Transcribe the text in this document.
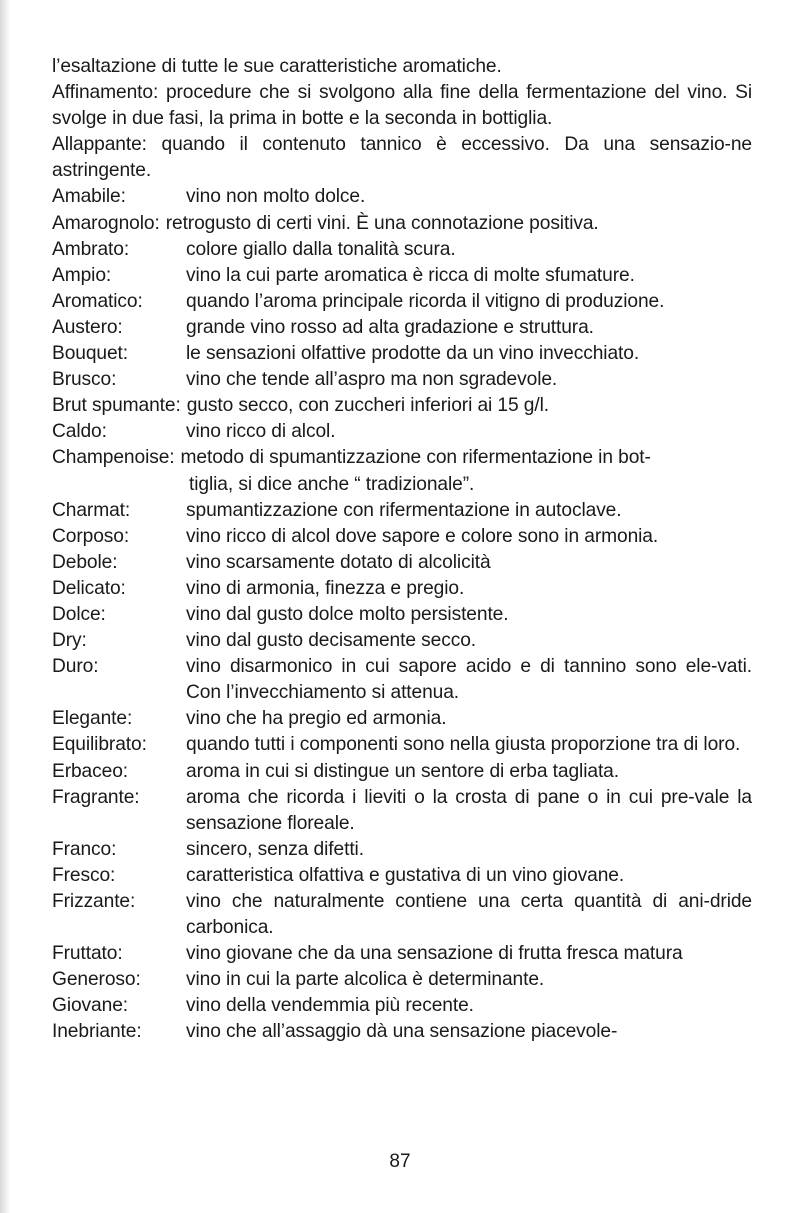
l’esaltazione di tutte le sue caratteristiche aromatiche.

Affinamento: procedure che si svolgono alla fine della fermentazione del vino. Si svolge in due fasi, la prima in botte e la seconda in bottiglia.

Allappante: quando il contenuto tannico è eccessivo. Da una sensazio-ne astringente.

Amabile:	vino non molto dolce.
Amarognolo: retrogusto di certi vini. È una connotazione positiva.
Ambrato:	colore giallo dalla tonalità scura.
Ampio:	vino la cui parte aromatica è ricca di molte sfumature.
Aromatico:	quando l’aroma principale ricorda il vitigno di produzione.
Austero:	grande vino rosso ad alta gradazione e struttura.
Bouquet:	le sensazioni olfattive prodotte da un vino invecchiato.
Brusco:	vino che tende all’aspro ma non sgradevole.
Brut spumante: gusto secco, con zuccheri inferiori ai 15 g/l.
Caldo:	vino ricco di alcol.
Champenoise: metodo di spumantizzazione con rifermentazione in bot-
tiglia, si dice anche “ tradizionale”.
Charmat:	spumantizzazione con rifermentazione in autoclave.
Corposo:	vino ricco di alcol dove sapore e colore sono in armonia.
Debole:	vino scarsamente dotato di alcolicità
Delicato:	vino di armonia, finezza e pregio.
Dolce:	vino dal gusto dolce molto persistente.
Dry:	vino dal gusto decisamente secco.
Duro:	vino disarmonico in cui sapore acido e di tannino sono ele-vati. Con l’invecchiamento si attenua.
Elegante:	vino che ha pregio ed armonia.
Equilibrato:	quando tutti i componenti sono nella giusta proporzione tra di loro.
Erbaceo:	aroma in cui si distingue un sentore di erba tagliata.
Fragrante:	aroma che ricorda i lieviti o la crosta di pane o in cui pre-vale la sensazione floreale.
Franco:	sincero, senza difetti.
Fresco:	caratteristica olfattiva e gustativa di un vino giovane.
Frizzante:	vino che naturalmente contiene una certa quantità di ani-dride carbonica.
Fruttato:	vino giovane che da una sensazione di frutta fresca matura
Generoso:	vino in cui la parte alcolica è determinante.
Giovane:	vino della vendemmia più recente.
Inebriante:	vino che all’assaggio dà una sensazione piacevole-
87
